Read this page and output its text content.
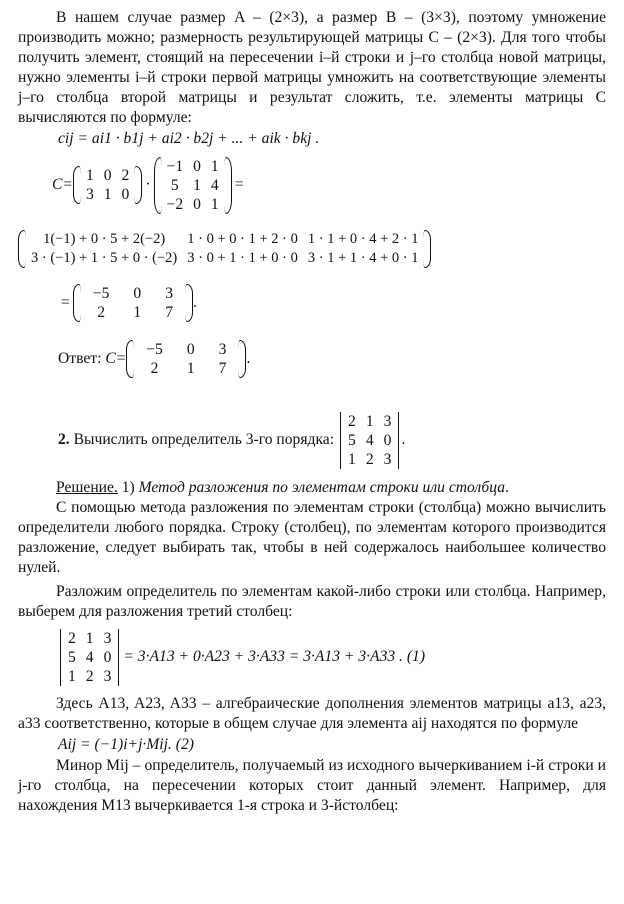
В нашем случае размер A – (2×3), а размер B – (3×3), поэтому умножение производить можно; размерность результирующей матрицы C – (2×3). Для того чтобы получить элемент, стоящий на пересечении i–й строки и j–го столбца новой матрицы, нужно элементы i–й строки первой матрицы умножить на соответствующие элементы j–го столбца второй матрицы и результат сложить, т.е. элементы матрицы C вычисляются по формуле:

cij = ai1 · b1j + ai2 · b2j + ... + aik · bkj .
C=
1	0	2
3	1	0
·
−1	0	1
5	1	4
−2	0	1
=
1(−1) + 0 · 5 + 2(−2)	1 · 0 + 0 · 1 + 2 · 0	1 · 1 + 0 · 4 + 2 · 1
3 · (−1) + 1 · 5 + 0 · (−2)	3 · 0 + 1 · 1 + 0 · 0	3 · 1 + 1 · 4 + 0 · 1
=
−5	0	3
2	1	7
.
Ответ:
C=
−5	0	3
2	1	7
.
2.
Вычислить определитель 3-го порядка:
2	1	3
5	4	0
1	2	3
.

Решение. 1) Метод разложения по элементам строки или столбца.

С помощью метода разложения по элементам строки (столбца) можно вычислить определители любого порядка. Строку (столбец), по элементам которого производится разложение, следует выбирать так, чтобы в ней содержалось наибольшее количество нулей.

Разложим определитель по элементам какой-либо строки или столбца. Например, выберем для разложения третий столбец:

2	1	3
5	4	0
1	2	3
= 3·A13 + 0·A23 + 3·A33 = 3·A13 + 3·A33 . (1)

Здесь A13, A23, A33 – алгебраические дополнения элементов матрицы a13, a23, a33 соответственно, которые в общем случае для элемента aij находятся по формуле

Aij = (−1)i+j·Mij. (2)

Минор Mij – определитель, получаемый из исходного вычеркиванием i-й строки и j-го столбца, на пересечении которых стоит данный элемент. Например, для нахождения M13 вычеркивается 1-я строка и 3-йстолбец:
